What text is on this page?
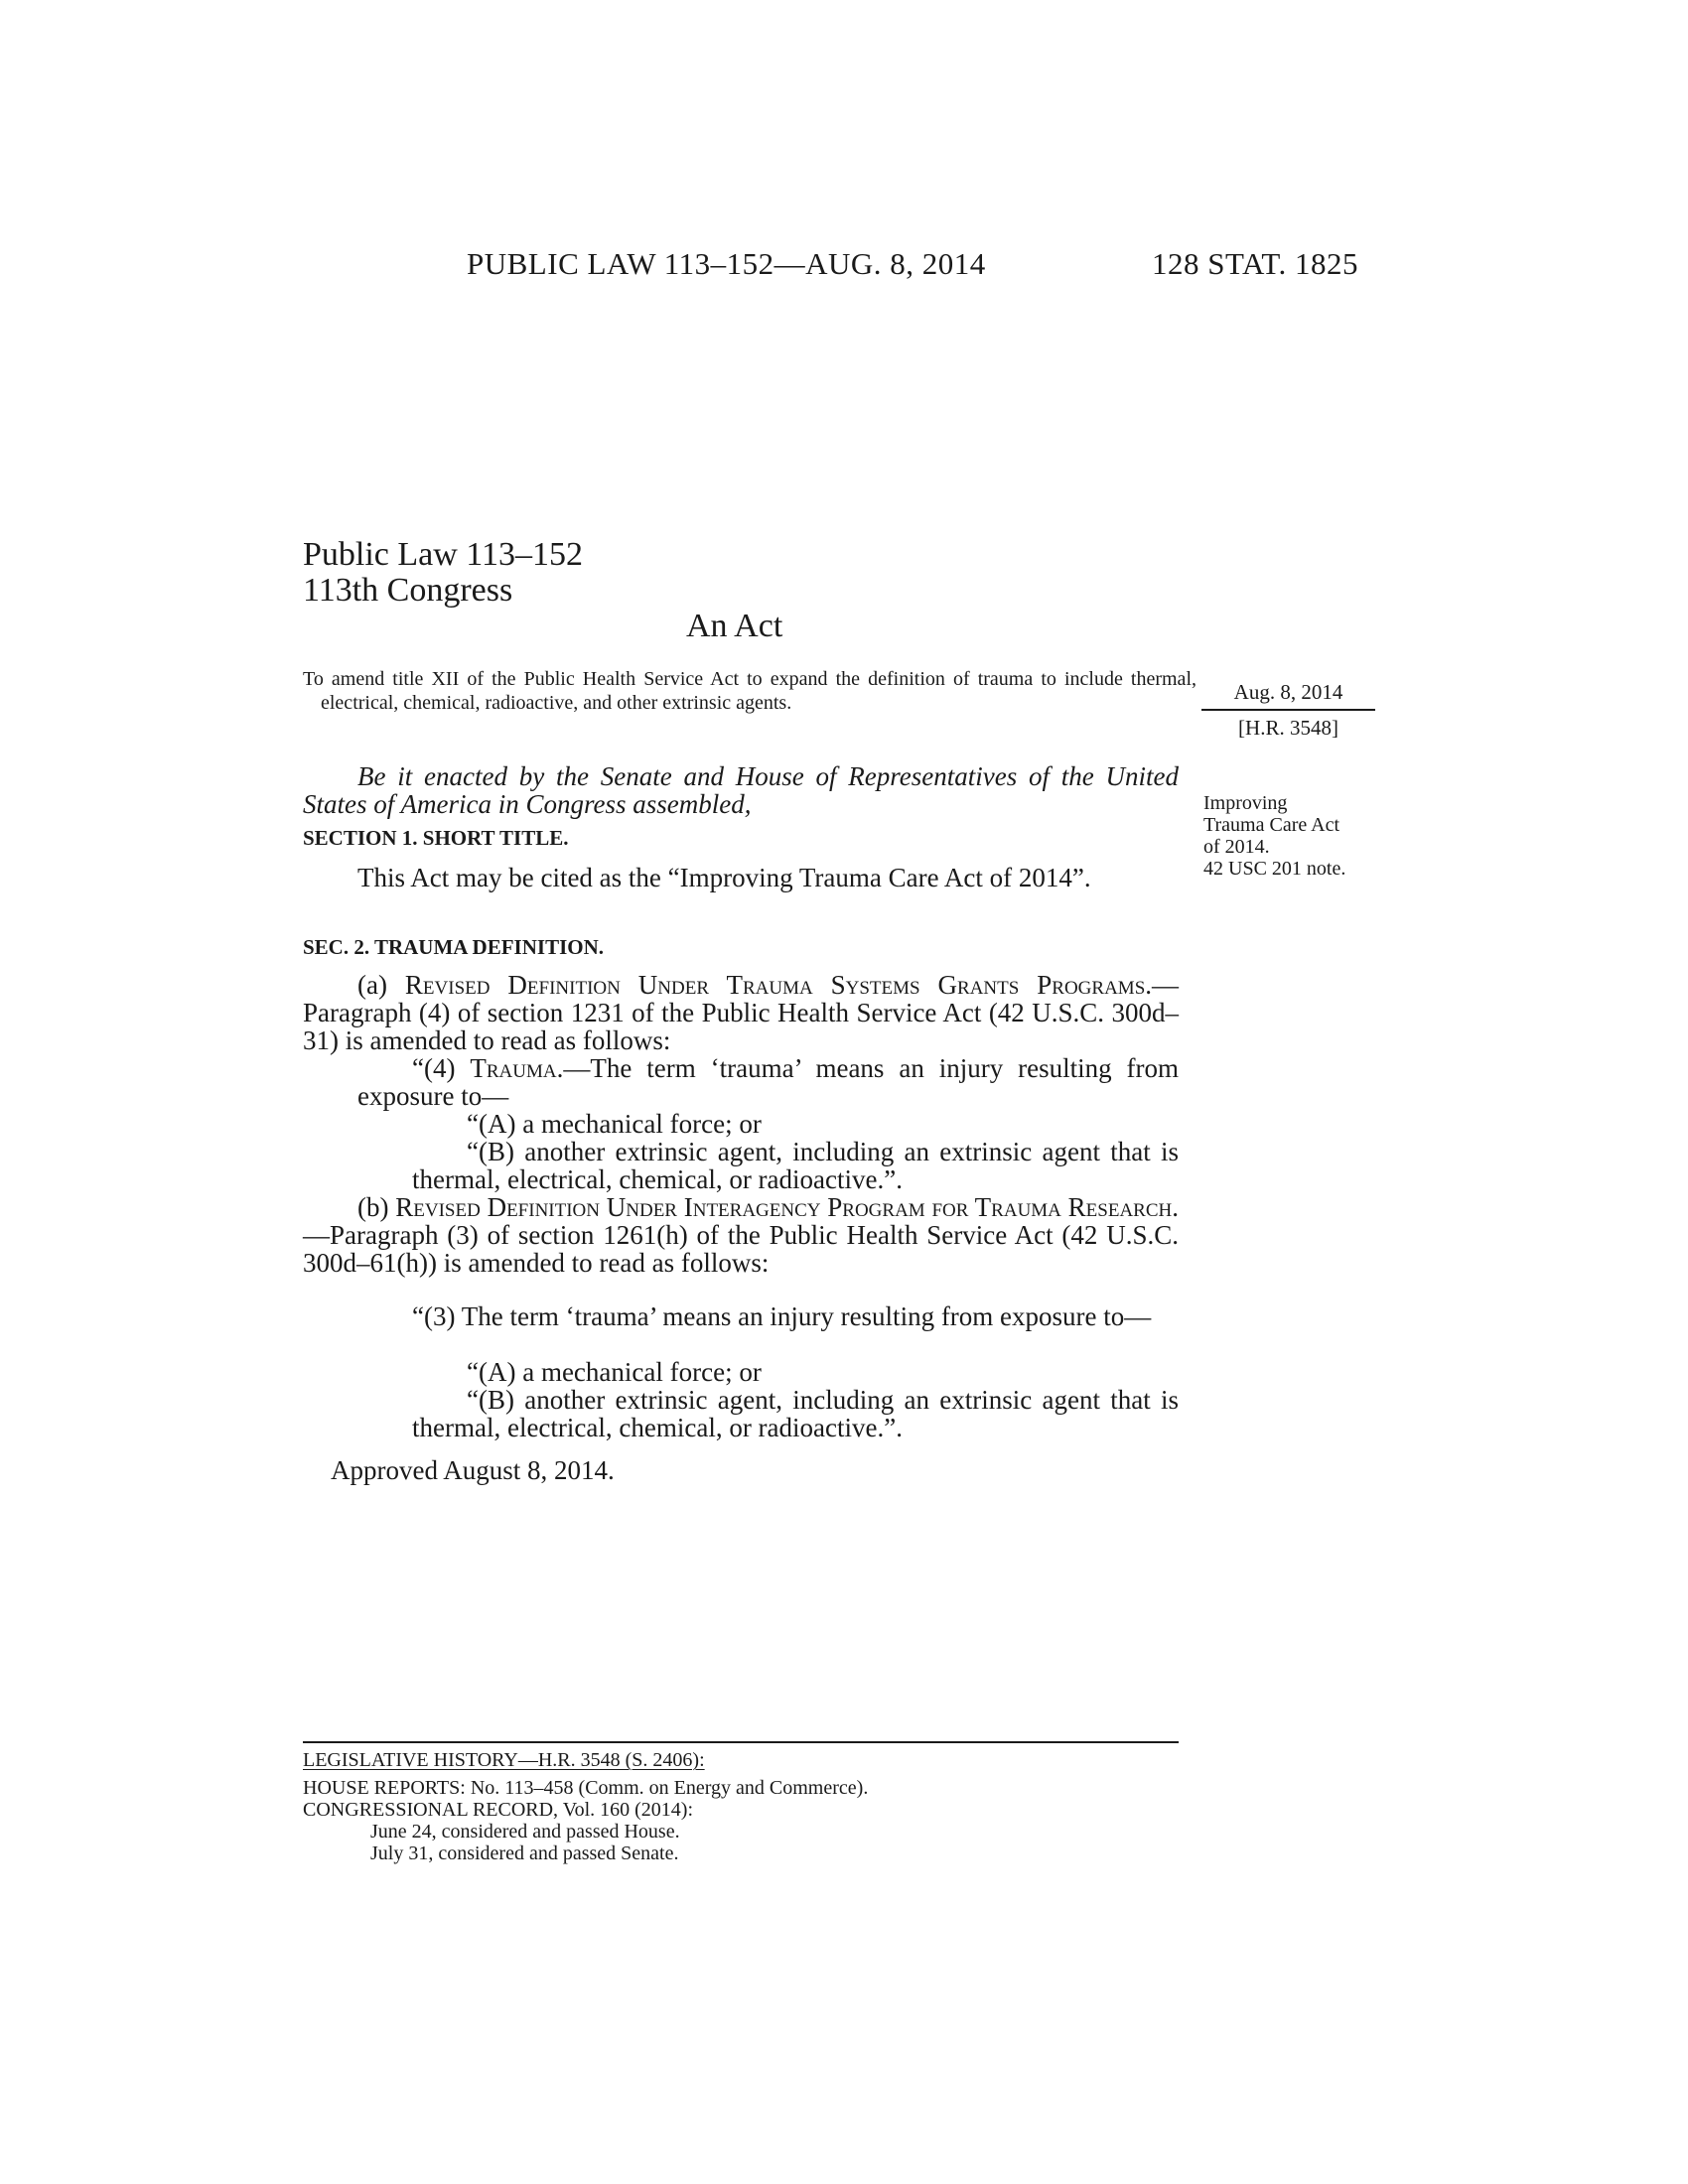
PUBLIC LAW 113–152—AUG. 8, 2014	128 STAT. 1825
Public Law 113–152
113th Congress
An Act
To amend title XII of the Public Health Service Act to expand the definition of trauma to include thermal, electrical, chemical, radioactive, and other extrinsic agents.	Aug. 8, 2014
[H.R. 3548]
Improving
Trauma Care Act
of 2014.
42 USC 201 note.
Be it enacted by the Senate and House of Representatives of the United States of America in Congress assembled,
SECTION 1. SHORT TITLE.
This Act may be cited as the “Improving Trauma Care Act of 2014”.
SEC. 2. TRAUMA DEFINITION.
(a) Revised Definition Under Trauma Systems Grants Programs.—Paragraph (4) of section 1231 of the Public Health Service Act (42 U.S.C. 300d–31) is amended to read as follows:
“(4) Trauma.—The term ‘trauma’ means an injury resulting from exposure to—
“(A) a mechanical force; or
“(B) another extrinsic agent, including an extrinsic agent that is thermal, electrical, chemical, or radioactive.”.
(b) Revised Definition Under Interagency Program for Trauma Research.—Paragraph (3) of section 1261(h) of the Public Health Service Act (42 U.S.C. 300d–61(h)) is amended to read as follows:
“(3) The term ‘trauma’ means an injury resulting from exposure to—
“(A) a mechanical force; or
“(B) another extrinsic agent, including an extrinsic agent that is thermal, electrical, chemical, or radioactive.”.
Approved August 8, 2014.
LEGISLATIVE HISTORY—H.R. 3548 (S. 2406):
HOUSE REPORTS: No. 113–458 (Comm. on Energy and Commerce).
CONGRESSIONAL RECORD, Vol. 160 (2014):
June 24, considered and passed House.
July 31, considered and passed Senate.
